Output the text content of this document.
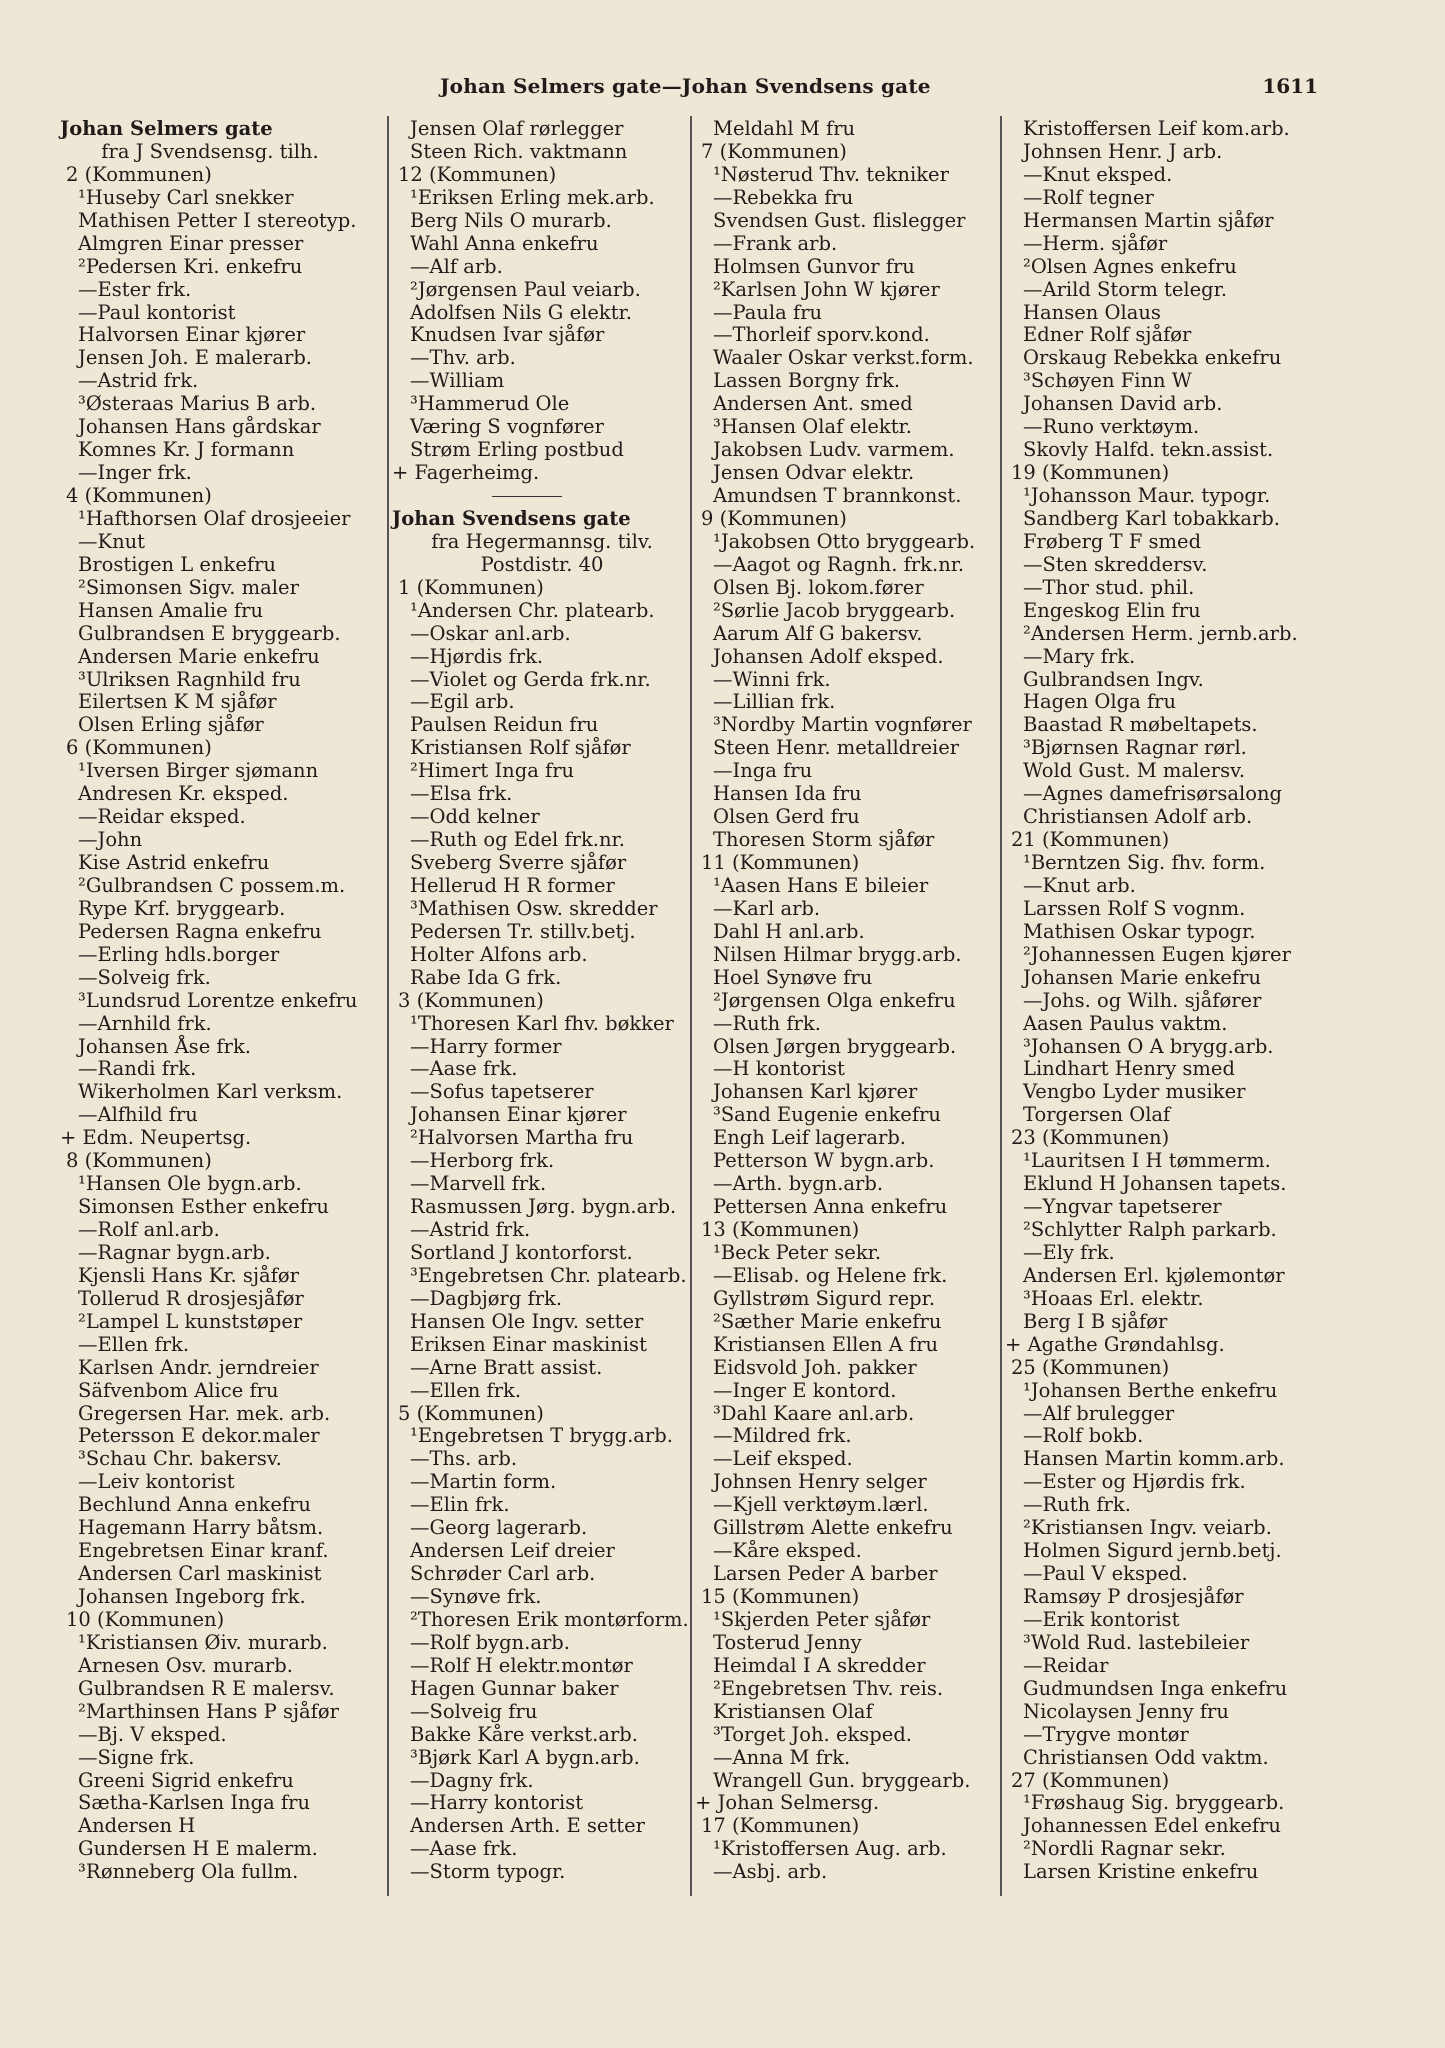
Johan Selmers gate—Johan Svendsens gate	1611
Johan Selmers gate
fra J Svendsensg. tilh.
2 (Kommunen)
¹Huseby Carl snekker
Mathisen Petter I stereotyp.
Almgren Einar presser
²Pedersen Kri. enkefru
—Ester frk.
—Paul kontorist
Halvorsen Einar kjører
Jensen Joh. E malerarb.
—Astrid frk.
³Østeraas Marius B arb.
Johansen Hans gårdskar
Komnes Kr. J formann
—Inger frk.
4 (Kommunen)
¹Hafthorsen Olaf drosjeeier
—Knut
Brostigen L enkefru
²Simonsen Sigv. maler
Hansen Amalie fru
Gulbrandsen E bryggearb.
Andersen Marie enkefru
³Ulriksen Ragnhild fru
Eilertsen K M sjåfør
Olsen Erling sjåfør
6 (Kommunen)
¹Iversen Birger sjømann
Andresen Kr. eksped.
—Reidar eksped.
—John
Kise Astrid enkefru
²Gulbrandsen C possem.m.
Rype Krf. bryggearb.
Pedersen Ragna enkefru
—Erling hdls.borger
—Solveig frk.
³Lundsrud Lorentze enkefru
—Arnhild frk.
Johansen Åse frk.
—Randi frk.
Wikerholmen Karl verksm.
—Alfhild fru
+ Edm. Neupertsg.
8 (Kommunen)
¹Hansen Ole bygn.arb.
Simonsen Esther enkefru
—Rolf anl.arb.
—Ragnar bygn.arb.
Kjensli Hans Kr. sjåfør
Tollerud R drosjesjåfør
²Lampel L kunststøper
—Ellen frk.
Karlsen Andr. jerndreier
Säfvenbom Alice fru
Gregersen Har. mek. arb.
Petersson E dekor.maler
³Schau Chr. bakersv.
—Leiv kontorist
Bechlund Anna enkefru
Hagemann Harry båtsm.
Engebretsen Einar kranf.
Andersen Carl maskinist
Johansen Ingeborg frk.
10 (Kommunen)
¹Kristiansen Øiv. murarb.
Arnesen Osv. murarb.
Gulbrandsen R E malersv.
²Marthinsen Hans P sjåfør
—Bj. V eksped.
—Signe frk.
Greeni Sigrid enkefru
Sætha-Karlsen Inga fru
Andersen H
Gundersen H E malerm.
³Rønneberg Ola fullm.
Jensen Olaf rørlegger
Steen Rich. vaktmann
12 (Kommunen)
¹Eriksen Erling mek.arb.
Berg Nils O murarb.
Wahl Anna enkefru
—Alf arb.
²Jørgensen Paul veiarb.
Adolfsen Nils G elektr.
Knudsen Ivar sjåfør
—Thv. arb.
—William
³Hammerud Ole
Væring S vognfører
Strøm Erling postbud
+ Fagerheimg.
Johan Svendsens gate
fra Hegermannsg. tilv.
Postdistr. 40
1 (Kommunen)
¹Andersen Chr. platearb.
—Oskar anl.arb.
—Hjørdis frk.
—Violet og Gerda frk.nr.
—Egil arb.
Paulsen Reidun fru
Kristiansen Rolf sjåfør
²Himert Inga fru
—Elsa frk.
—Odd kelner
—Ruth og Edel frk.nr.
Sveberg Sverre sjåfør
Hellerud H R former
³Mathisen Osw. skredder
Pedersen Tr. stillv.betj.
Holter Alfons arb.
Rabe Ida G frk.
3 (Kommunen)
¹Thoresen Karl fhv. bøkker
—Harry former
—Aase frk.
—Sofus tapetserer
Johansen Einar kjører
²Halvorsen Martha fru
—Herborg frk.
—Marvell frk.
Rasmussen Jørg. bygn.arb.
—Astrid frk.
Sortland J kontorforst.
³Engebretsen Chr. platearb.
—Dagbjørg frk.
Hansen Ole Ingv. setter
Eriksen Einar maskinist
—Arne Bratt assist.
—Ellen frk.
5 (Kommunen)
¹Engebretsen T brygg.arb.
—Ths. arb.
—Martin form.
—Elin frk.
—Georg lagerarb.
Andersen Leif dreier
Schrøder Carl arb.
—Synøve frk.
²Thoresen Erik montørform.
—Rolf bygn.arb.
—Rolf H elektr.montør
Hagen Gunnar baker
—Solveig fru
Bakke Kåre verkst.arb.
³Bjørk Karl A bygn.arb.
—Dagny frk.
—Harry kontorist
Andersen Arth. E setter
—Aase frk.
—Storm typogr.
Meldahl M fru
7 (Kommunen)
¹Nøsterud Thv. tekniker
—Rebekka fru
Svendsen Gust. flislegger
—Frank arb.
Holmsen Gunvor fru
²Karlsen John W kjører
—Paula fru
—Thorleif sporv.kond.
Waaler Oskar verkst.form.
Lassen Borgny frk.
Andersen Ant. smed
³Hansen Olaf elektr.
Jakobsen Ludv. varmem.
Jensen Odvar elektr.
Amundsen T brannkonst.
9 (Kommunen)
¹Jakobsen Otto bryggearb.
—Aagot og Ragnh. frk.nr.
Olsen Bj. lokom.fører
²Sørlie Jacob bryggearb.
Aarum Alf G bakersv.
Johansen Adolf eksped.
—Winni frk.
—Lillian frk.
³Nordby Martin vognfører
Steen Henr. metalldreier
—Inga fru
Hansen Ida fru
Olsen Gerd fru
Thoresen Storm sjåfør
11 (Kommunen)
¹Aasen Hans E bileier
—Karl arb.
Dahl H anl.arb.
Nilsen Hilmar brygg.arb.
Hoel Synøve fru
²Jørgensen Olga enkefru
—Ruth frk.
Olsen Jørgen bryggearb.
—H kontorist
Johansen Karl kjører
³Sand Eugenie enkefru
Engh Leif lagerarb.
Petterson W bygn.arb.
—Arth. bygn.arb.
Pettersen Anna enkefru
13 (Kommunen)
¹Beck Peter sekr.
—Elisab. og Helene frk.
Gyllstrøm Sigurd repr.
²Sæther Marie enkefru
Kristiansen Ellen A fru
Eidsvold Joh. pakker
—Inger E kontord.
³Dahl Kaare anl.arb.
—Mildred frk.
—Leif eksped.
Johnsen Henry selger
—Kjell verktøym.lærl.
Gillstrøm Alette enkefru
—Kåre eksped.
Larsen Peder A barber
15 (Kommunen)
¹Skjerden Peter sjåfør
Tosterud Jenny
Heimdal I A skredder
²Engebretsen Thv. reis.
Kristiansen Olaf
³Torget Joh. eksped.
—Anna M frk.
Wrangell Gun. bryggearb.
+ Johan Selmersg.
17 (Kommunen)
¹Kristoffersen Aug. arb.
—Asbj. arb.
Kristoffersen Leif kom.arb.
Johnsen Henr. J arb.
—Knut eksped.
—Rolf tegner
Hermansen Martin sjåfør
—Herm. sjåfør
²Olsen Agnes enkefru
—Arild Storm telegr.
Hansen Olaus
Edner Rolf sjåfør
Orskaug Rebekka enkefru
³Schøyen Finn W
Johansen David arb.
—Runo verktøym.
Skovly Halfd. tekn.assist.
19 (Kommunen)
¹Johansson Maur. typogr.
Sandberg Karl tobakkarb.
Frøberg T F smed
—Sten skreddersv.
—Thor stud. phil.
Engeskog Elin fru
²Andersen Herm. jernb.arb.
—Mary frk.
Gulbrandsen Ingv.
Hagen Olga fru
Baastad R møbeltapets.
³Bjørnsen Ragnar rørl.
Wold Gust. M malersv.
—Agnes damefrisørsalong
Christiansen Adolf arb.
21 (Kommunen)
¹Berntzen Sig. fhv. form.
—Knut arb.
Larssen Rolf S vognm.
Mathisen Oskar typogr.
²Johannessen Eugen kjører
Johansen Marie enkefru
—Johs. og Wilh. sjåfører
Aasen Paulus vaktm.
³Johansen O A brygg.arb.
Lindhart Henry smed
Vengbo Lyder musiker
Torgersen Olaf
23 (Kommunen)
¹Lauritsen I H tømmerm.
Eklund H Johansen tapets.
—Yngvar tapetserer
²Schlytter Ralph parkarb.
—Ely frk.
Andersen Erl. kjølemontør
³Hoaas Erl. elektr.
Berg I B sjåfør
+ Agathe Grøndahlsg.
25 (Kommunen)
¹Johansen Berthe enkefru
—Alf brulegger
—Rolf bokb.
Hansen Martin komm.arb.
—Ester og Hjørdis frk.
—Ruth frk.
²Kristiansen Ingv. veiarb.
Holmen Sigurd jernb.betj.
—Paul V eksped.
Ramsøy P drosjesjåfør
—Erik kontorist
³Wold Rud. lastebileier
—Reidar
Gudmundsen Inga enkefru
Nicolaysen Jenny fru
—Trygve montør
Christiansen Odd vaktm.
27 (Kommunen)
¹Frøshaug Sig. bryggearb.
Johannessen Edel enkefru
²Nordli Ragnar sekr.
Larsen Kristine enkefru
